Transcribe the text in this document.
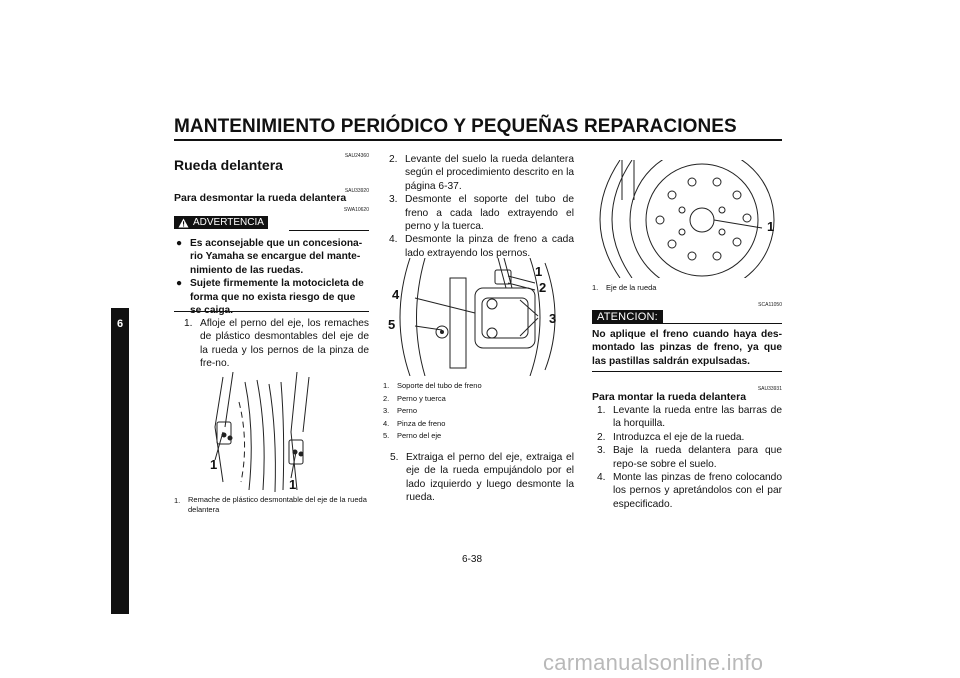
MANTENIMIENTO PERIÓDICO Y PEQUEÑAS REPARACIONES
6
SAU24360
Rueda delantera
SAU33920
Para desmontar la rueda delantera
SWA10620
ADVERTENCIA
● Es aconsejable que un concesiona-rio Yamaha se encargue del mante-nimiento de las ruedas.
● Sujete firmemente la motocicleta de forma que no exista riesgo de que
1. Afloje el perno del eje, los remaches de plástico desmontables del eje de la rueda y los pernos de la pinza de fre-no.
1
1
1.	Remache de plástico desmontable del eje de la rueda delantera
2. Levante del suelo la rueda delantera según el procedimiento descrito en la página 6-37.
3. Desmonte el soporte del tubo de freno a cada lado extrayendo el perno y la tuerca.
4. Desmonte la pinza de freno a cada lado extrayendo los pernos.
1
2
3
4
5
1.	Soporte del tubo de freno
2.	Perno y tuerca
3.	Perno
4.	Pinza de freno
5.	Perno del eje
5. Extraiga el perno del eje, extraiga el eje de la rueda empujándolo por el lado izquierdo y luego desmonte la rueda.
1
1.	Eje de la rueda
SCA11050
ATENCION:
No aplique el freno cuando haya des-montado las pinzas de freno, ya que las pastillas saldrán expulsadas.
SAU33931
Para montar la rueda delantera
1. Levante la rueda entre las barras de la horquilla.
2. Introduzca el eje de la rueda.
3. Baje la rueda delantera para que repo-se sobre el suelo.
4. Monte las pinzas de freno colocando los pernos y apretándolos con el par especificado.
6-38
carmanualsonline.info
